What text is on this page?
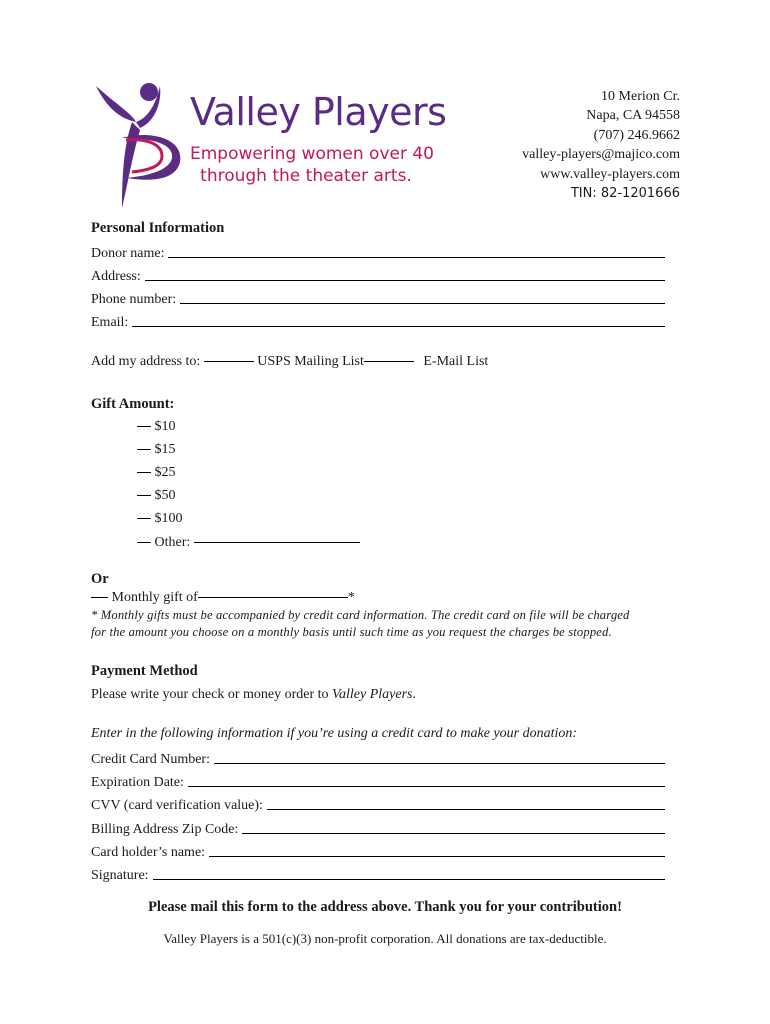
Valley Players
Empowering women over 40
through the theater arts.
10 Merion Cr.
Napa, CA 94558
(707) 246.9662
valley-players@majico.com
www.valley-players.com
TIN: 82-1201666
Personal Information
Donor name:
Address:
Phone number:
Email:
Add my address to:	USPS Mailing List	E-Mail List
Gift Amount:
$10
$15
$25
$50
$100
Other:
Or
Monthly gift of	*
* Monthly gifts must be accompanied by credit card information. The credit card on file will be charged
for the amount you choose on a monthly basis until such time as you request the charges be stopped.
Payment Method
Please write your check or money order to Valley Players.
Enter in the following information if you’re using a credit card to make your donation:
Credit Card Number:
Expiration Date:
CVV (card verification value):
Billing Address Zip Code:
Card holder’s name:
Signature:
Please mail this form to the address above. Thank you for your contribution!
Valley Players is a 501(c)(3) non-profit corporation. All donations are tax-deductible.
